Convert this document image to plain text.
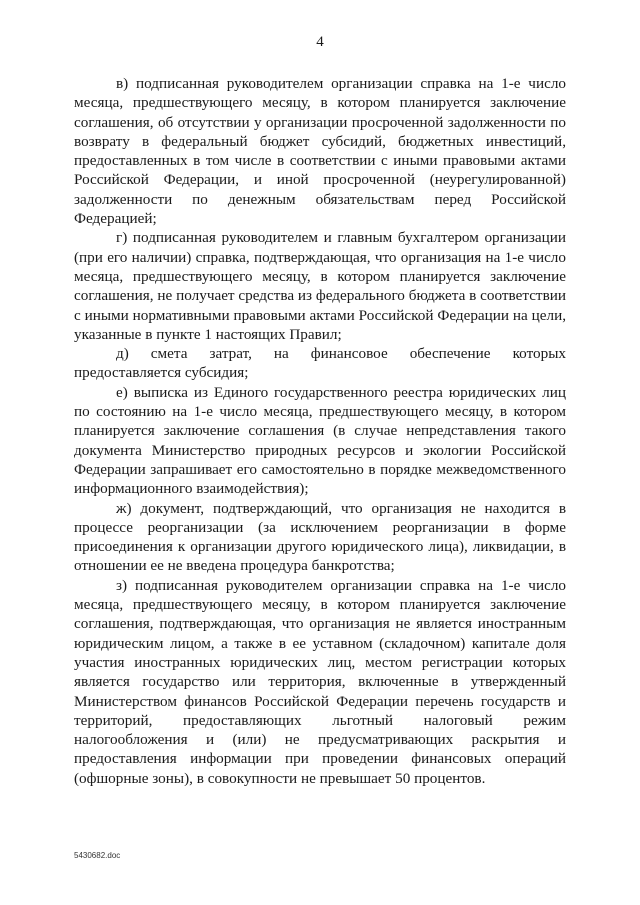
4

в) подписанная руководителем организации справка на 1-е число месяца, предшествующего месяцу, в котором планируется заключение соглашения, об отсутствии у организации просроченной задолженности по возврату в федеральный бюджет субсидий, бюджетных инвестиций, предоставленных в том числе в соответствии с иными правовыми актами Российской Федерации, и иной просроченной (неурегулированной) задолженности по денежным обязательствам перед Российской Федерацией;

г) подписанная руководителем и главным бухгалтером организации (при его наличии) справка, подтверждающая, что организация на 1-е число месяца, предшествующего месяцу, в котором планируется заключение соглашения, не получает средства из федерального бюджета в соответствии с иными нормативными правовыми актами Российской Федерации на цели, указанные в пункте 1 настоящих Правил;

д) смета затрат, на финансовое обеспечение которых предоставляется субсидия;

е) выписка из Единого государственного реестра юридических лиц по состоянию на 1-е число месяца, предшествующего месяцу, в котором планируется заключение соглашения (в случае непредставления такого документа Министерство природных ресурсов и экологии Российской Федерации запрашивает его самостоятельно в порядке межведомственного информационного взаимодействия);

ж) документ, подтверждающий, что организация не находится в процессе реорганизации (за исключением реорганизации в форме присоединения к организации другого юридического лица), ликвидации, в отношении ее не введена процедура банкротства;

з) подписанная руководителем организации справка на 1-е число месяца, предшествующего месяцу, в котором планируется заключение соглашения, подтверждающая, что организация не является иностранным юридическим лицом, а также в ее уставном (складочном) капитале доля участия иностранных юридических лиц, местом регистрации которых является государство или территория, включенные в утвержденный Министерством финансов Российской Федерации перечень государств и территорий, предоставляющих льготный налоговый режим налогообложения и (или) не предусматривающих раскрытия и предоставления информации при проведении финансовых операций (офшорные зоны), в совокупности не превышает 50 процентов.

5430682.doc
